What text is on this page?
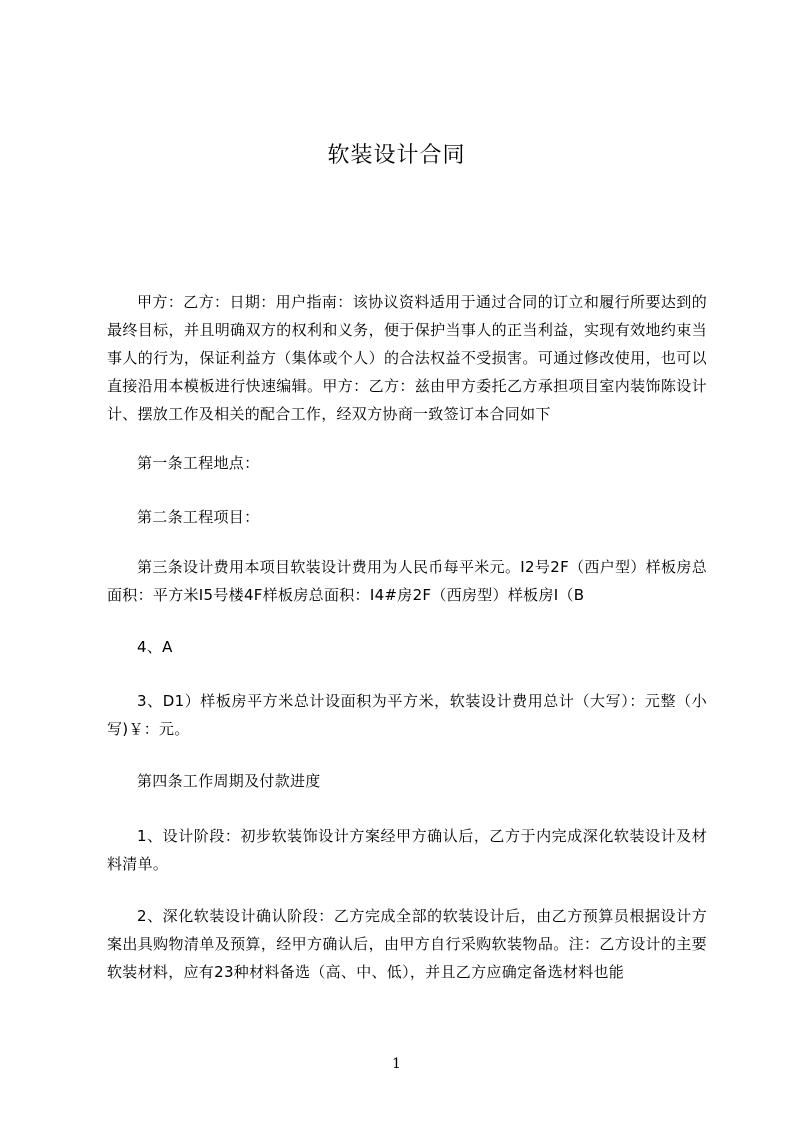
软装设计合同
甲方：乙方：日期：用户指南：该协议资料适用于通过合同的订立和履行所要达到的最终目标，并且明确双方的权利和义务，便于保护当事人的正当利益，实现有效地约束当事人的行为，保证利益方（集体或个人）的合法权益不受损害。可通过修改使用，也可以直接沿用本模板进行快速编辑。甲方：乙方：兹由甲方委托乙方承担项目室内装饰陈设计计、摆放工作及相关的配合工作，经双方协商一致签订本合同如下
第一条工程地点：
第二条工程项目：
第三条设计费用本项目软装设计费用为人民币每平米元。I2号2F（西户型）样板房总面积：平方米I5号楼4F样板房总面积：I4#房2F（西房型）样板房I（B
4、A
3、D1）样板房平方米总计设面积为平方米，软装设计费用总计（大写）：元整（小写)￥：元。
第四条工作周期及付款进度
1、设计阶段：初步软装饰设计方案经甲方确认后，乙方于内完成深化软装设计及材料清单。
2、深化软装设计确认阶段：乙方完成全部的软装设计后，由乙方预算员根据设计方案出具购物清单及预算，经甲方确认后，由甲方自行采购软装物品。注：乙方设计的主要软装材料，应有23种材料备选（高、中、低），并且乙方应确定备选材料也能
1
